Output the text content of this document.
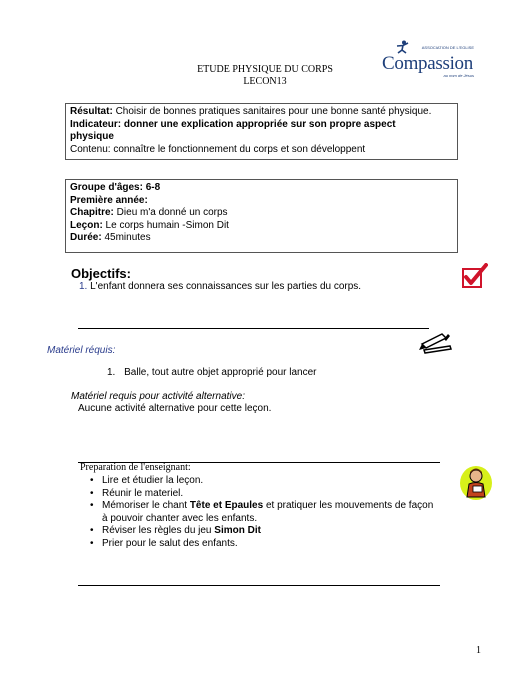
ETUDE PHYSIQUE DU CORPS
LECON13
ASSOCIATION DE L'EGLISE
Compassion
au nom de Jésus
Résultat: Choisir de bonnes pratiques sanitaires pour une bonne santé physique.
Indicateur: donner une explication appropriée sur son propre aspect
physique
Contenu: connaître le fonctionnement du corps et son développent
Groupe d'âges: 6-8
Première année:
Chapitre: Dieu m'a donné un corps
Leçon: Le corps humain -Simon Dit
Durée: 45minutes
Objectifs:
1. L'enfant donnera ses connaissances sur les parties du corps.
Matériel réquis:
1. Balle, tout autre objet approprié pour lancer
Matériel requis pour activité alternative:
Aucune activité alternative pour cette leçon.
Preparation de l'enseignant:
• Lire et étudier la leçon.
• Réunir le materiel.
• Mémoriser le chant Tête et Epaules et pratiquer les mouvements de façon à pouvoir chanter avec les enfants.
• Réviser les règles du jeu Simon Dit
• Prier pour le salut des enfants.
1
